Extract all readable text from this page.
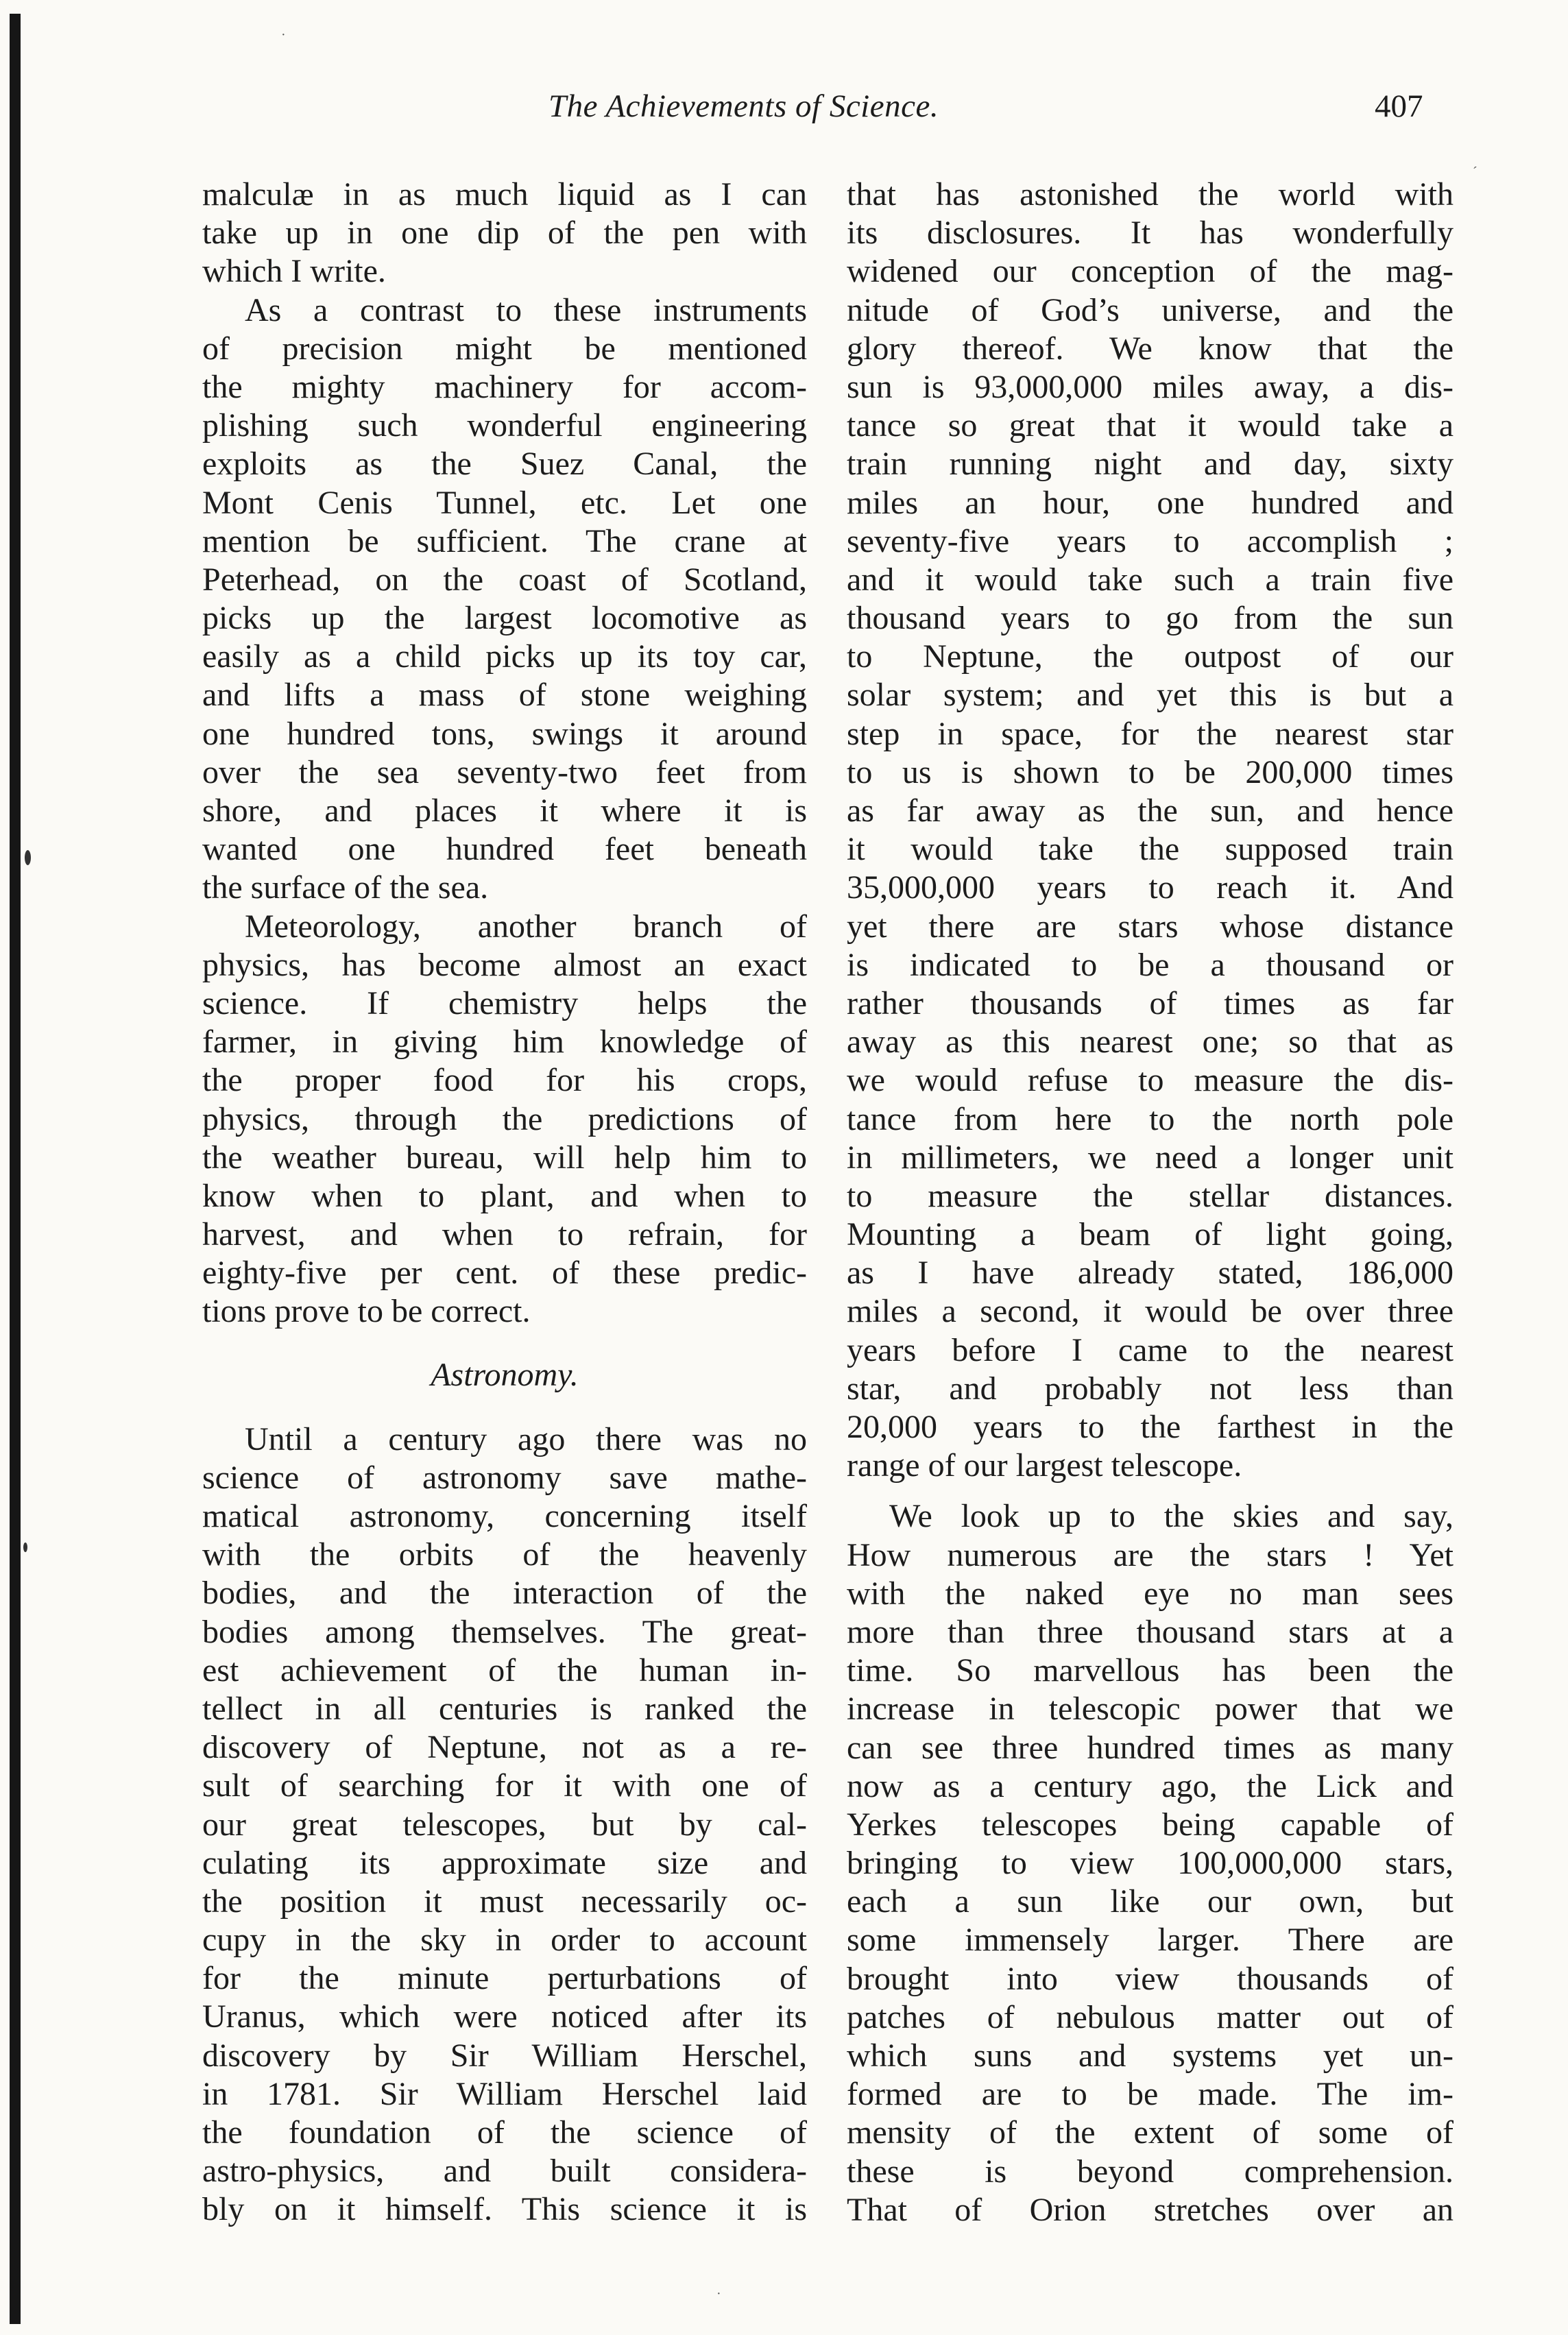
·
´
·
The Achievements of Science.	407
malculæ in as much liquid as I can
take up in one dip of the pen with
which I write.
As a contrast to these instruments
of precision might be mentioned
the mighty machinery for accom-
plishing such wonderful engineering
exploits as the Suez Canal, the
Mont Cenis Tunnel, etc. Let one
mention be sufficient. The crane at
Peterhead, on the coast of Scotland,
picks up the largest locomotive as
easily as a child picks up its toy car,
and lifts a mass of stone weighing
one hundred tons, swings it around
over the sea seventy-two feet from
shore, and places it where it is
wanted one hundred feet beneath
the surface of the sea.
Meteorology, another branch of
physics, has become almost an exact
science. If chemistry helps the
farmer, in giving him knowledge of
the proper food for his crops,
physics, through the predictions of
the weather bureau, will help him to
know when to plant, and when to
harvest, and when to refrain, for
eighty-five per cent. of these predic-
tions prove to be correct.
Astronomy.
Until a century ago there was no
science of astronomy save mathe-
matical astronomy, concerning itself
with the orbits of the heavenly
bodies, and the interaction of the
bodies among themselves. The great-
est achievement of the human in-
tellect in all centuries is ranked the
discovery of Neptune, not as a re-
sult of searching for it with one of
our great telescopes, but by cal-
culating its approximate size and
the position it must necessarily oc-
cupy in the sky in order to account
for the minute perturbations of
Uranus, which were noticed after its
discovery by Sir William Herschel,
in 1781. Sir William Herschel laid
the foundation of the science of
astro-physics, and built considera-
bly on it himself. This science it is
that has astonished the world with
its disclosures. It has wonderfully
widened our conception of the mag-
nitude of God’s universe, and the
glory thereof. We know that the
sun is 93,000,000 miles away, a dis-
tance so great that it would take a
train running night and day, sixty
miles an hour, one hundred and
seventy-five years to accomplish ;
and it would take such a train five
thousand years to go from the sun
to Neptune, the outpost of our
solar system; and yet this is but a
step in space, for the nearest star
to us is shown to be 200,000 times
as far away as the sun, and hence
it would take the supposed train
35,000,000 years to reach it. And
yet there are stars whose distance
is indicated to be a thousand or
rather thousands of times as far
away as this nearest one; so that as
we would refuse to measure the dis-
tance from here to the north pole
in millimeters, we need a longer unit
to measure the stellar distances.
Mounting a beam of light going,
as I have already stated, 186,000
miles a second, it would be over three
years before I came to the nearest
star, and probably not less than
20,000 years to the farthest in the
range of our largest telescope.
We look up to the skies and say,
How numerous are the stars ! Yet
with the naked eye no man sees
more than three thousand stars at a
time. So marvellous has been the
increase in telescopic power that we
can see three hundred times as many
now as a century ago, the Lick and
Yerkes telescopes being capable of
bringing to view 100,000,000 stars,
each a sun like our own, but
some immensely larger. There are
brought into view thousands of
patches of nebulous matter out of
which suns and systems yet un-
formed are to be made. The im-
mensity of the extent of some of
these is beyond comprehension.
That of Orion stretches over an
